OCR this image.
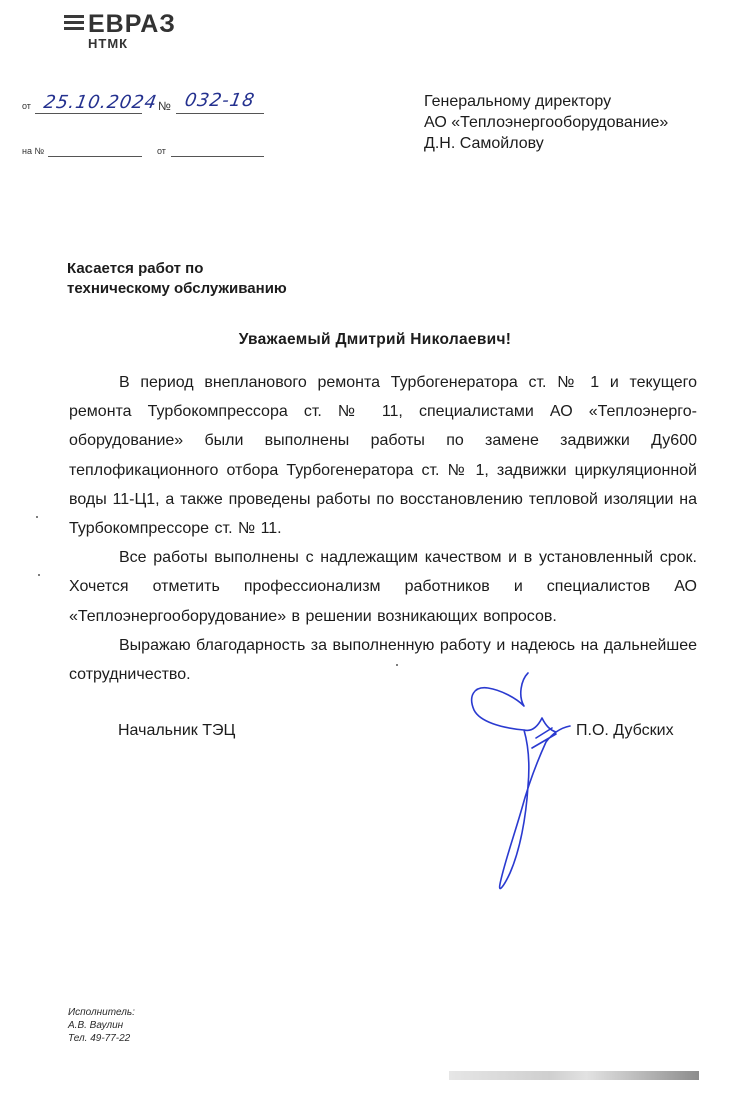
ЕВРАЗ
НТМК
от 25.10.2024 № 032-18
на №	от
Генеральному директору
АО «Теплоэнергооборудование»
Д.Н. Самойлову
Касается работ по
техническому обслуживанию
Уважаемый Дмитрий Николаевич!

В период внепланового ремонта Турбогенератора ст. № 1 и текущего ремонта Турбокомпрессора ст. № 11, специалистами АО «Теплоэнерго-оборудование» были выполнены работы по замене задвижки Ду600 теплофикационного отбора Турбогенератора ст. № 1, задвижки циркуляционной воды 11-Ц1, а также проведены работы по восстановлению тепловой изоляции на Турбокомпрессоре ст. № 11.

Все работы выполнены с надлежащим качеством и в установленный срок. Хочется отметить профессионализм работников и специалистов АО «Теплоэнергооборудование» в решении возникающих вопросов.

Выражаю благодарность за выполненную работу и надеюсь на дальнейшее сотрудничество.

Начальник ТЭЦ	П.О. Дубских
Исполнитель:
А.В. Ваулин
Тел. 49-77-22
